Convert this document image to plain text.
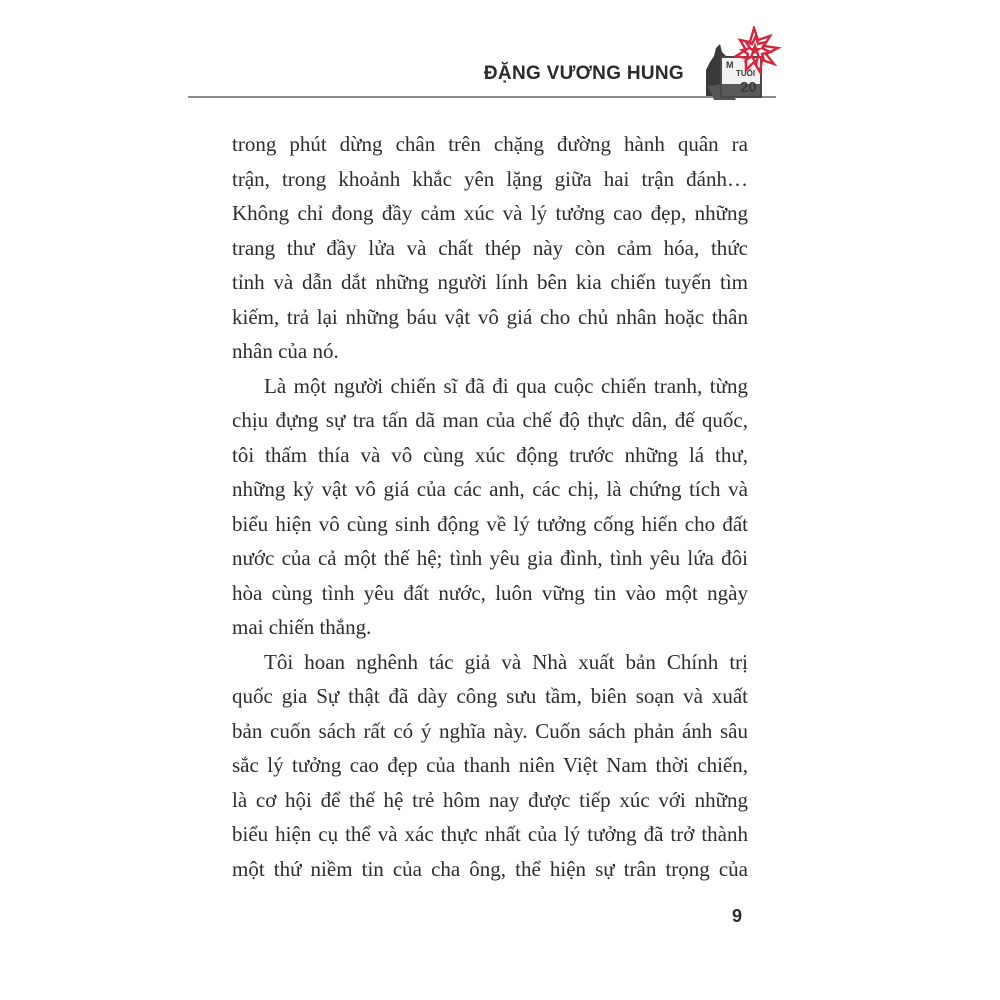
ĐẶNG VƯƠNG HUNG	M
TUỔI
20

trong phút dừng chân trên chặng đường hành quân ra

trận, trong khoảnh khắc yên lặng giữa hai trận đánh…

Không chỉ đong đầy cảm xúc và lý tưởng cao đẹp, những

trang thư đầy lửa và chất thép này còn cảm hóa, thức

tỉnh và dẫn dắt những người lính bên kia chiến tuyến tìm

kiếm, trả lại những báu vật vô giá cho chủ nhân hoặc thân

nhân của nó.

Là một người chiến sĩ đã đi qua cuộc chiến tranh, từng

chịu đựng sự tra tấn dã man của chế độ thực dân, đế quốc,

tôi thấm thía và vô cùng xúc động trước những lá thư,

những kỷ vật vô giá của các anh, các chị, là chứng tích và

biểu hiện vô cùng sinh động về lý tưởng cống hiến cho đất

nước của cả một thế hệ; tình yêu gia đình, tình yêu lứa đôi

hòa cùng tình yêu đất nước, luôn vững tin vào một ngày

mai chiến thắng.

Tôi hoan nghênh tác giả và Nhà xuất bản Chính trị

quốc gia Sự thật đã dày công sưu tầm, biên soạn và xuất

bản cuốn sách rất có ý nghĩa này. Cuốn sách phản ánh sâu

sắc lý tưởng cao đẹp của thanh niên Việt Nam thời chiến,

là cơ hội để thế hệ trẻ hôm nay được tiếp xúc với những

biểu hiện cụ thể và xác thực nhất của lý tưởng đã trở thành

một thứ niềm tin của cha ông, thể hiện sự trân trọng của

9
